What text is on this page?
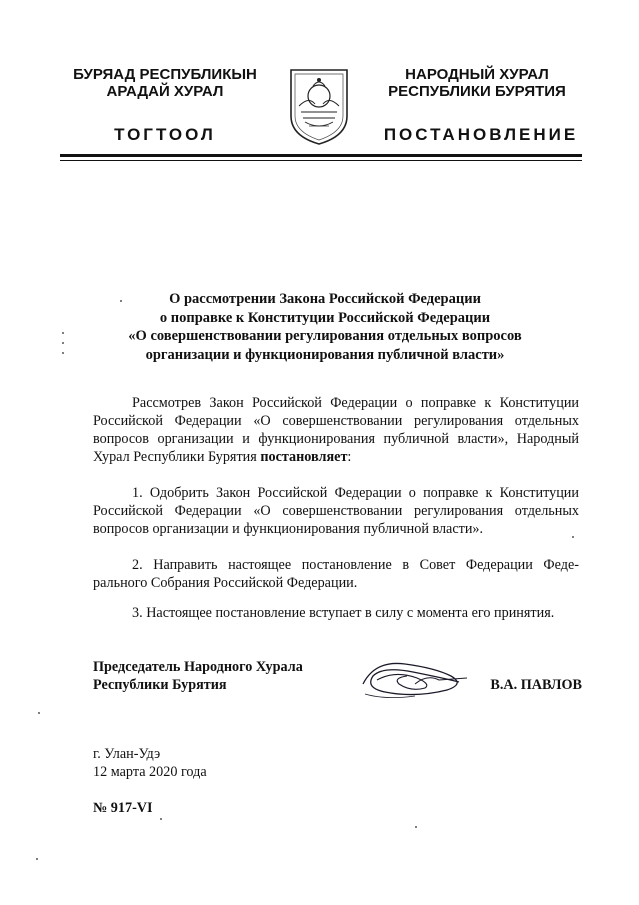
БУРЯАД РЕСПУБЛИКЫН
АРАДАЙ ХУРАЛ
НАРОДНЫЙ ХУРАЛ
РЕСПУБЛИКИ БУРЯТИЯ
ТОГТООЛ	ПОСТАНОВЛЕНИЕ
О рассмотрении Закона Российской Федерации
о поправке к Конституции Российской Федерации
«О совершенствовании регулирования отдельных вопросов
организации и функционирования публичной власти»
Рассмотрев Закон Российской Федерации о поправке к Конституции Российской Федерации «О совершенствовании регулирования отдельных вопросов организации и функционирования публичной власти», Народный Хурал Республики Бурятия постановляет:
1. Одобрить Закон Российской Федерации о поправке к Конституции Российской Федерации «О совершенствовании регулирования отдельных вопросов организации и функционирования публичной власти».
2. Направить настоящее постановление в Совет Федерации Феде-рального Собрания Российской Федерации.
3. Настоящее постановление вступает в силу с момента его принятия.
Председатель Народного Хурала
Республики Бурятия	В.А. ПАВЛОВ
г. Улан-Удэ
12 марта 2020 года
№ 917-VI
